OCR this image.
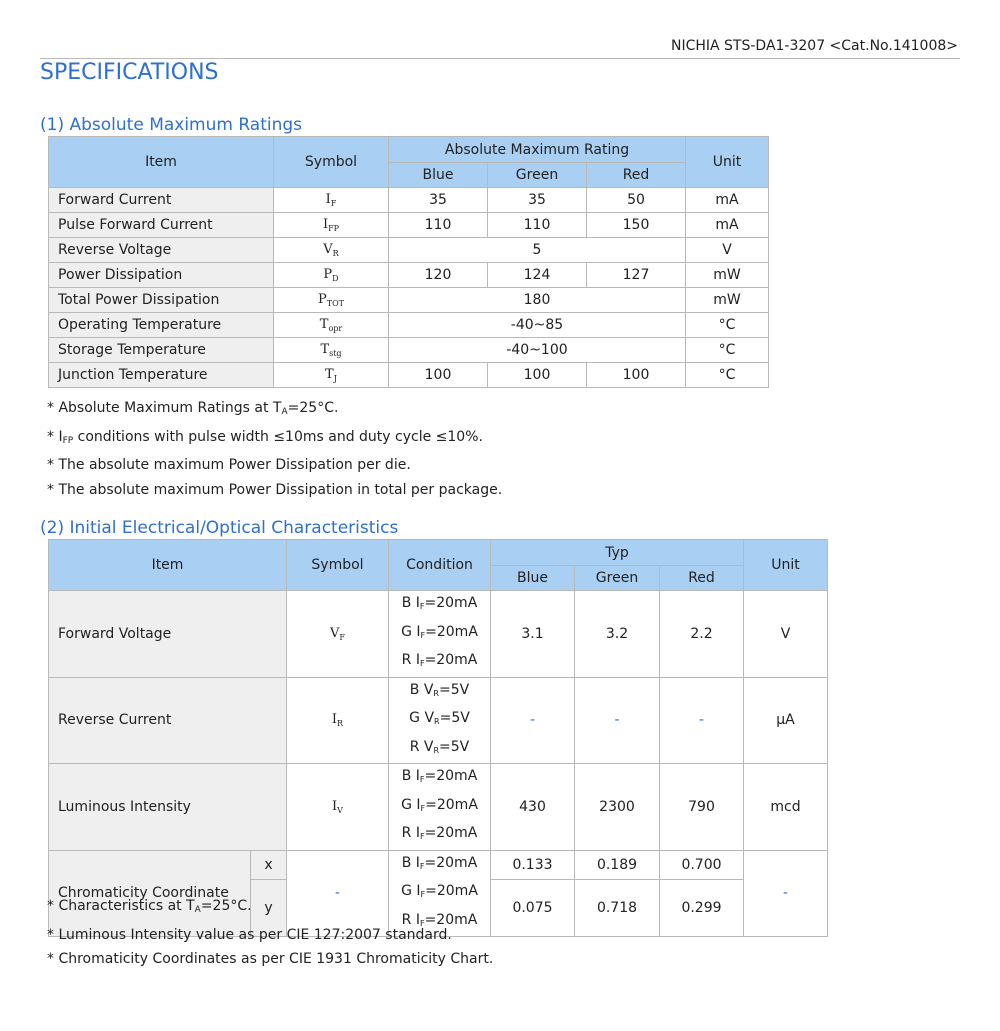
NICHIA STS-DA1-3207 <Cat.No.141008>
SPECIFICATIONS
(1) Absolute Maximum Ratings
Item	Symbol	Absolute Maximum Rating			Unit
		Blue	Green	Red	
Forward Current	$I_F$	35	35	50	mA
Pulse Forward Current	$I_{FP}$	110	110	150	mA
Reverse Voltage	$V_R$	5			V
Power Dissipation	$P_D$	120	124	127	mW
Total Power Dissipation	$P_{TOT}$	180			mW
Operating Temperature	$T_{opr}$	-40~85			°C
Storage Temperature	$T_{stg}$	-40~100			°C
Junction Temperature	$T_J$	100	100	100	°C
* Absolute Maximum Ratings at $T_A=25^\circ C$.
* $I_{FP}$ conditions with pulse width ≤10ms and duty cycle ≤10%.
* The absolute maximum Power Dissipation per die.
* The absolute maximum Power Dissipation in total per package.
(2) Initial Electrical/Optical Characteristics
Item		Symbol	Condition	Typ			Unit
				Blue	Green	Red	
Forward Voltage		$V_F$	B $I_F=20mA$
G $I_F=20mA$
R $I_F=20mA$	3.1	3.2	2.2	V
Reverse Current		$I_R$	B $V_R=5V$
G $V_R=5V$
R $V_R=5V$	-	-	-	μA
Luminous Intensity		$I_V$	B $I_F=20mA$
G $I_F=20mA$
R $I_F=20mA$	430	2300	790	mcd
Chromaticity Coordinate	x	-	B $I_F=20mA$
G $I_F=20mA$
R $I_F=20mA$	0.133	0.189	0.700	-
	y			0.075	0.718	0.299	
* Characteristics at $T_A=25^\circ C$.
* Luminous Intensity value as per CIE 127:2007 standard.
* Chromaticity Coordinates as per CIE 1931 Chromaticity Chart.
